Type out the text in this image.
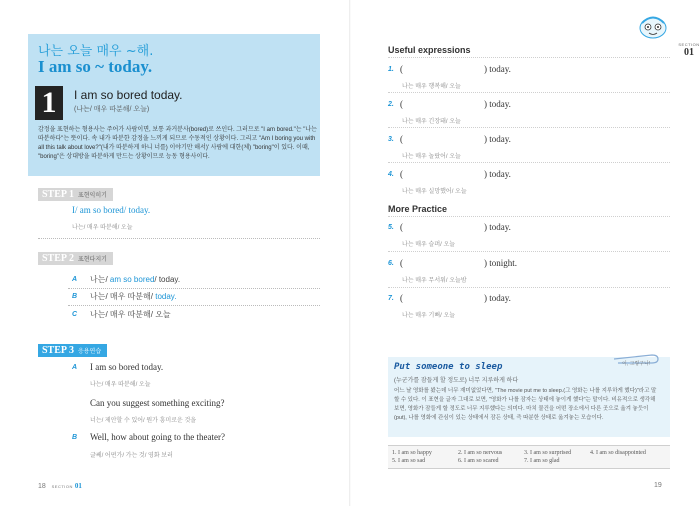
나는 오늘 매우 ~해.
I am so ~ today.
1	I am so bored today.
(나는/ 매우 따분해/ 오늘)
감정을 표현하는 형용사는 주어가 사람이면, 보통 과거분사(bored)로 쓰인다. 그러므로 "I am bored."는 "나는 따분하다"는 뜻이다. 속 내가 따분한 감정을 느끼게 되므로 수동적인 상황이다. 그리고 "Am I boring you with all this talk about love?"(내가 따분하게 하니 너를) 이야기만 해서)' 사람에 대한(체) "boring"이 있다. 이때, "boring"은 상대방을 따분하게 만드는 상황이므로 능동 형용사이다.
STEP 1 표현익히기
I/ am so bored/ today.
나는/ 매우 따분해/ 오늘
STEP 2 표현다지기
A 나는/ am so bored/ today.
B 나는/ 매우 따분해/ today.
C 나는/ 매우 따분해/ 오늘
STEP 3 응용연습
A I am so bored today.
나는/ 매우 따분해/ 오늘
Can you suggest something exciting?
너는/ 제안할 수 있어/ 뭔가 흥미로운 것을
B Well, how about going to the theater?
글쎄/ 어떤가/ 가는 것/ 영화 보러
18 SECTION 01
SECTION
01
Useful expressions
1. (	) today.
나는 매우 행복해/ 오늘
2. (	) today.
나는 매우 긴장돼/ 오늘
3. (	) today.
나는 매우 놀랐어/ 오늘
4. (	) today.
나는 매우 실망했어/ 오늘
More Practice
5. (	) today.
나는 매우 슬퍼/ 오늘
6. (	) tonight.
나는 매우 무서워/ 오늘밤
7. (	) today.
나는 매우 기뻐/ 오늘
Put someone to sleep
(누군가를 잠들게 할 정도로) 너무 지루하게 하다
어느 날 영화를 봤는데 너무 재미없었다면, "The movie put me to sleep.(그 영화는 나를 지루하게 했다)"라고 말할 수 있다. 이 표현을 글자 그대로 보면, "영화가 나를 잠자는 상태에 놓이게 했다"는 말이다. 비유적으로 생각해보면, 영화가 잠들게 할 정도로 너무 지루했다는 의미다. 마치 물건을 어떤 장소에서 다른 곳으로 옮겨 놓듯이(put), 나를 영화에 관심이 있는 상태에서 잠든 상태, 즉 따분한 상태로 옮겨놓는 모습이다.
이, 그렇구나!
1. I am so happy	2. I am so nervous	3. I am so surprised	4. I am so disappointed
5. I am so sad	6. I am so scared	7. I am so glad
19
